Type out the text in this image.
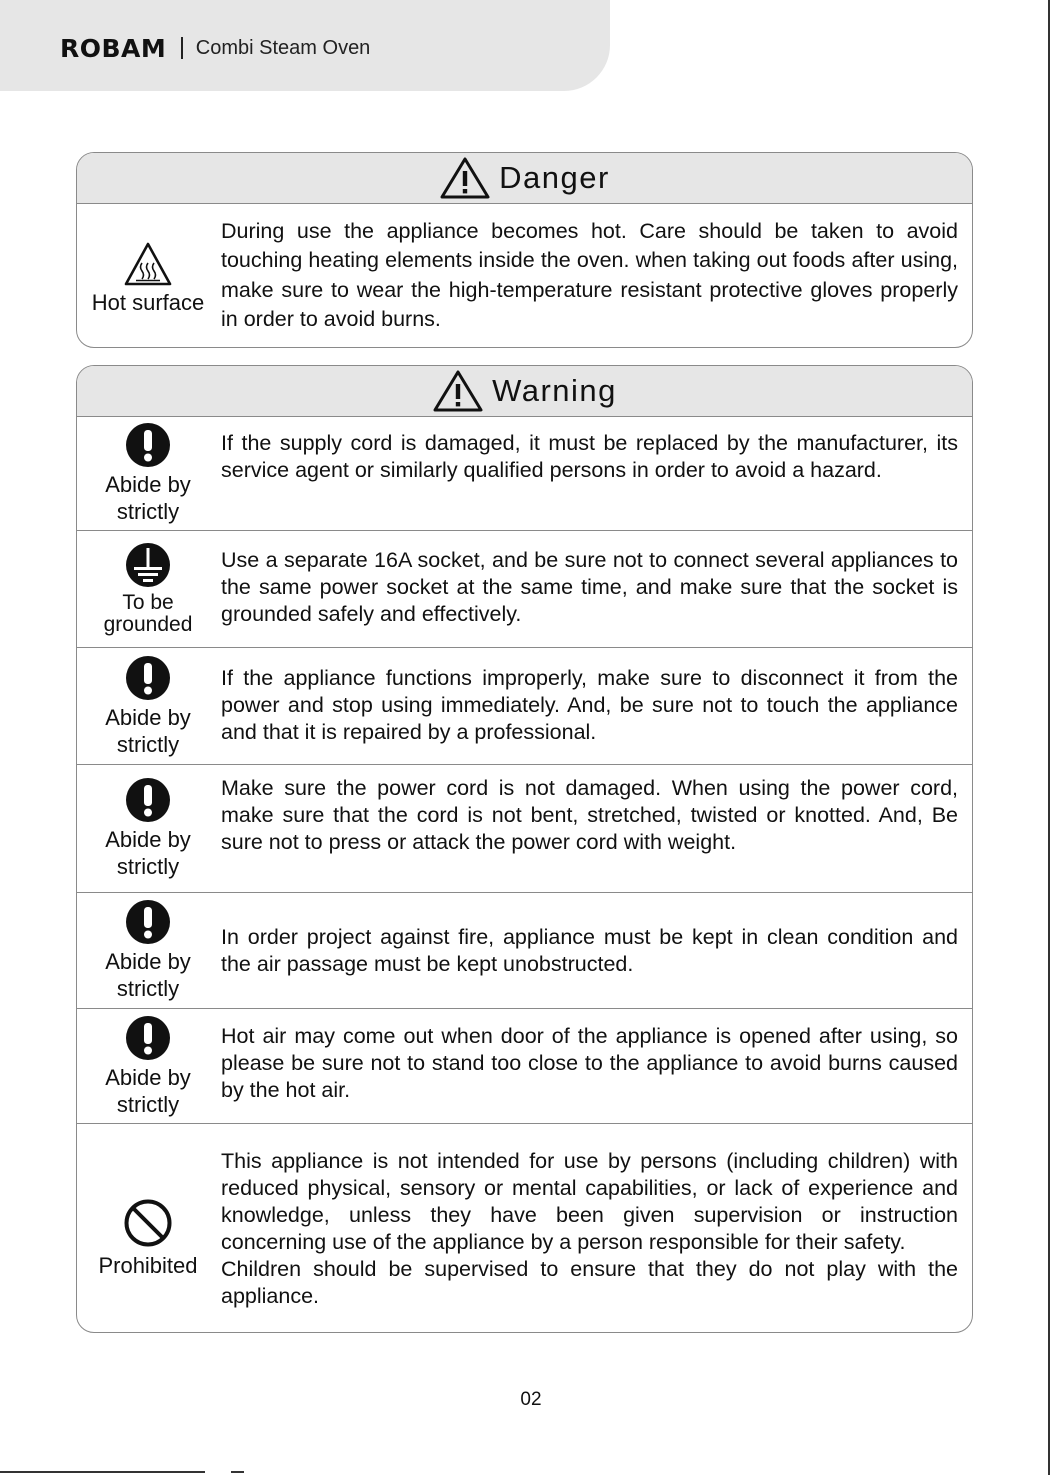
ROBAM Combi Steam Oven
Danger
Hot surface

During use the appliance becomes hot. Care should be taken to avoid touching heating elements inside the oven. when taking out foods after using, make sure to wear the high-temperature resistant protective gloves properly in order to avoid burns.

Warning
Abide by
strictly

If the supply cord is damaged, it must be replaced by the manufacturer, its service agent or similarly qualified persons in order to avoid a hazard.

To be
grounded

Use a separate 16A socket, and be sure not to connect several appliances to the same power socket at the same time, and make sure that the socket is grounded safely and effectively.

Abide by
strictly

If the appliance functions improperly, make sure to disconnect it from the power and stop using immediately. And, be sure not to touch the appliance and that it is repaired by a professional.

Abide by
strictly

Make sure the power cord is not damaged. When using the power cord, make sure that the cord is not bent, stretched, twisted or knotted. And, Be sure not to press or attack the power cord with weight.

Abide by
strictly

In order project against fire, appliance must be kept in clean condition and the air passage must be kept unobstructed.

Abide by
strictly

Hot air may come out when door of the appliance is opened after using, so please be sure not to stand too close to the appliance to avoid burns caused by the hot air.

Prohibited

This appliance is not intended for use by persons (including children) with reduced physical, sensory or mental capabilities, or lack of experience and knowledge, unless they have been given supervision or instruction concerning use of the appliance by a person responsible for their safety.

Children should be supervised to ensure that they do not play with the appliance.

02
